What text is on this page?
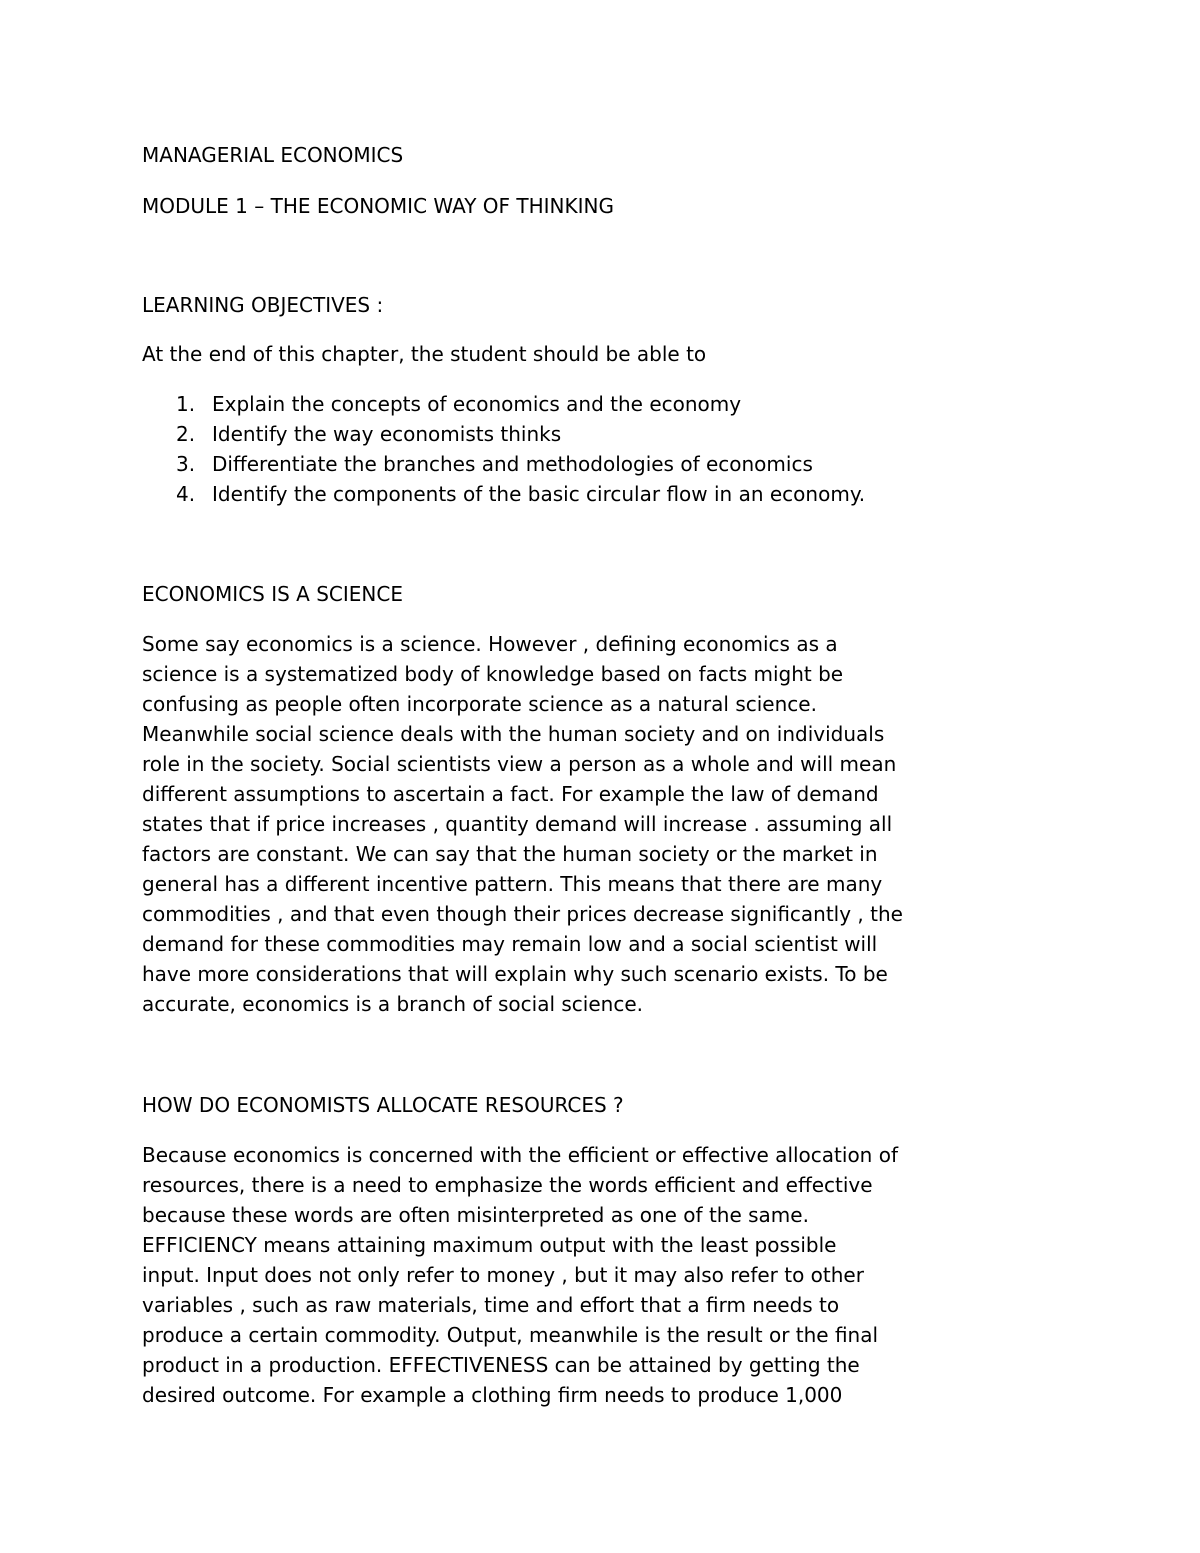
MANAGERIAL ECONOMICS
MODULE 1 – THE ECONOMIC WAY OF THINKING
LEARNING OBJECTIVES :
At the end of this chapter, the student should be able to
1. Explain the concepts of economics and the economy
2. Identify the way economists thinks
3. Differentiate the branches and methodologies of economics
4. Identify the components of the basic circular flow in an economy.
ECONOMICS IS A SCIENCE
Some say economics is a science. However , defining economics as a
science is a systematized body of knowledge based on facts might be
confusing as people often incorporate science as a natural science.
Meanwhile social science deals with the human society and on individuals
role in the society. Social scientists view a person as a whole and will mean
different assumptions to ascertain a fact. For example the law of demand
states that if price increases , quantity demand will increase . assuming all
factors are constant. We can say that the human society or the market in
general has a different incentive pattern. This means that there are many
commodities , and that even though their prices decrease significantly , the
demand for these commodities may remain low and a social scientist will
have more considerations that will explain why such scenario exists. To be
accurate, economics is a branch of social science.
HOW DO ECONOMISTS ALLOCATE RESOURCES ?
Because economics is concerned with the efficient or effective allocation of
resources, there is a need to emphasize the words efficient and effective
because these words are often misinterpreted as one of the same.
EFFICIENCY means attaining maximum output with the least possible
input. Input does not only refer to money , but it may also refer to other
variables , such as raw materials, time and effort that a firm needs to
produce a certain commodity. Output, meanwhile is the result or the final
product in a production. EFFECTIVENESS can be attained by getting the
desired outcome. For example a clothing firm needs to produce 1,000
